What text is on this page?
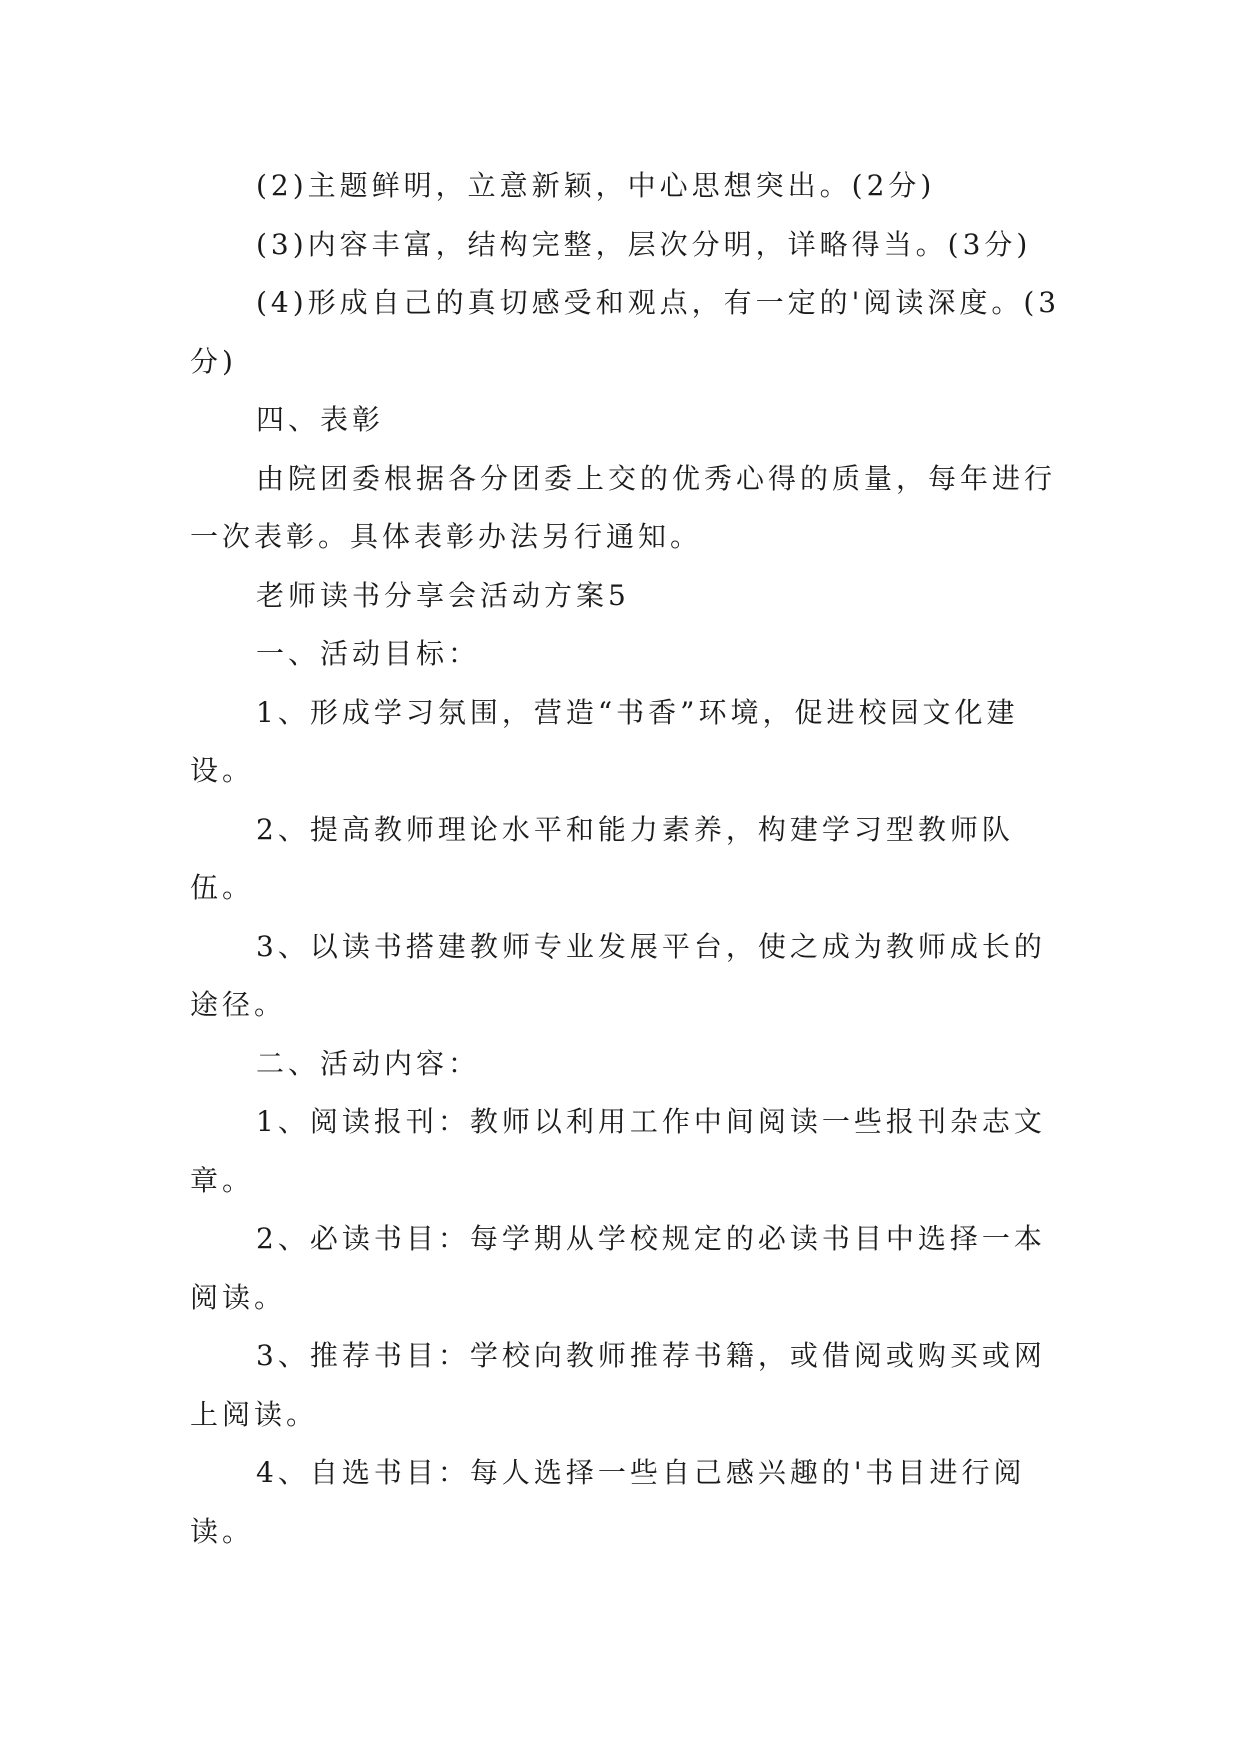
(2)主题鲜明，立意新颖，中心思想突出。(2分)

(3)内容丰富，结构完整，层次分明，详略得当。(3分)

(4)形成自己的真切感受和观点，有一定的'阅读深度。(3分)

四、表彰

由院团委根据各分团委上交的优秀心得的质量，每年进行一次表彰。具体表彰办法另行通知。

老师读书分享会活动方案5

一、活动目标：

1、形成学习氛围，营造“书香”环境，促进校园文化建设。

2、提高教师理论水平和能力素养，构建学习型教师队伍。

3、以读书搭建教师专业发展平台，使之成为教师成长的途径。

二、活动内容：

1、阅读报刊：教师以利用工作中间阅读一些报刊杂志文章。

2、必读书目：每学期从学校规定的必读书目中选择一本阅读。

3、推荐书目：学校向教师推荐书籍，或借阅或购买或网上阅读。

4、自选书目：每人选择一些自己感兴趣的'书目进行阅读。
